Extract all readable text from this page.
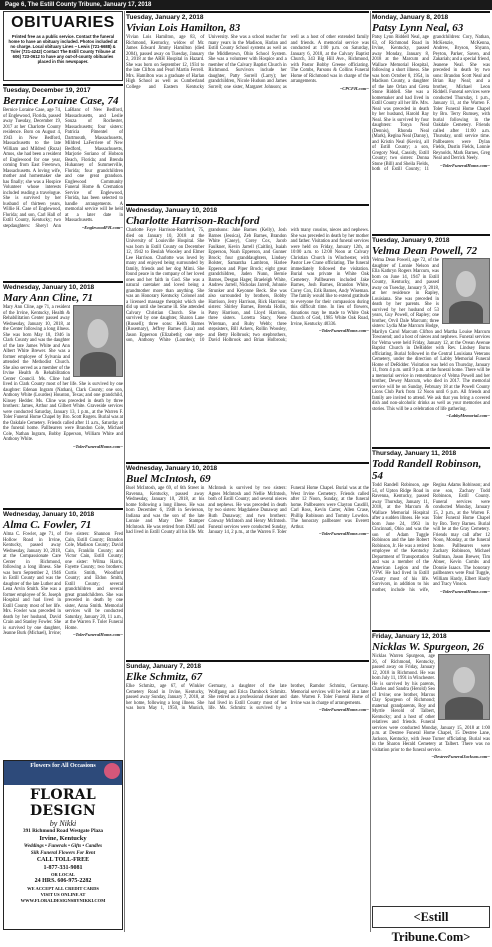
Page 6, The Estill County Tribune, January 17, 2018
OBITUARIES
Printed free as a public service. Contact the funeral home to have an obituary included. Photos included at no charge. Local obituary Lines ~ Lewis (721-6688) & Toler (721-4242) Contact The Estill County Tribune at 606) 723-0612 to have any out-of-county obituaries placed in this newspaper.
Tuesday, December 19, 2017
Bernice Loraine Case, 74
Bernice Loraine Case, age 74, of Englewood, Florida, passed away Tuesday, December 19, 2017 at her Charlotte County residence. Born on August 4, 1943 in New Bedford, Massachusetts to the late William and Mildred (Roza) Amos, she had been a resident of Englewood for one year, coming from East Freetown, Massachusetts. A loving wife, mother and homemaker she has finally; she was a Hospice Volunteer whose interests included reading a travelogue. She is survived by her husband of thirteen years, Willie H. Case of Englewood, Florida; and son, Carl Hall of Estill County, Kentucky; two stepdaughters: Sheryl Ann LaBlanc of New Bedford, Massachusetts, and Leslie Souza of Rochester, Massachusetts; four sisters: Patricia Pimentel of Dartmouth, Massachusetts, Mildred LaFerriere of New Bedford, Massachusetts, Marjorie Soriano of Hobson Beach, Florida; and Brenda Huhanney of Summerville, Florida; four grandchildren and one great grandson. Englewood Community Funeral Home & Cremation Service of Englewood, Florida, has been selected to handle arrangements. A memorial service will be held at a later date in Massachusetts.
~EnglewoodFH.com~
Wednesday, January 10, 2018
Mary Ann Cline, 71
Mary Ann Cline, age 71, a resident of the Irvine, Kentucky, Health & Rehabilitation Center passed away Wednesday, January 10, 2018, at the Center following a long illness. She was born May 10, 1946 in Clark County and was the daughter of the late James White and Ann Albert White Brewer. She was a former employee of Sylvania and attended the Methodist Church. She also served as a member of the Irvine Health & Rehabilitation Center Council. Ms. Cline had lived in Clark County most of her life. She is survived by one daughter: Edenan Ingram (Nathan), Clark County; one son, Anthony White (Lourdes) Houston, Texas; and one grandchild, Kinsey Hedder. Ms. Cline was preceded in death by three brothers: James, Arthur and Gilbert White. Graveside services were conducted Saturday, January 13, 1 p.m., at the Warren F. Toler Funeral Home Chapel by Bro. Scott Rogers. Burial was at the Oakdale Cemetery. Friends called after 11 a.m., Saturday at the funeral home. Pallbearers were Brandon Cole, Michael Cole, Nathan Ingram, Bobby Epperson, William White and Anthony White.
~TolerFuneralHome.com~
Wednesday, January 10, 2018
Alma C. Fowler, 71
Alma C. Fowler, age 71, of Hollow Road in Irvine, Kentucky, passed away Wednesday, January 10, 2018, at the Compassionate Care Center in Richmond, following a long illness. She was born September 2, 1946 in Estill County and was the daughter of the late Luther and Lena Arvin Smith. She was a former employee of St. Joseph Hospital and had lived in Estill County most of her life. Mrs. Fowler was preceded in death by her husband, David Crain and Stanley Fowler. She is survived by one daughter, Jeanne Burk (Michael), Irvine; five sisters: Shannon Fred Cain, Estill County; Brandon Cole, Madison County; David Cain, Franklin County; and Victor Cain, Estill County; one sister: Wilma Harris, Fayette County; two brothers: Curtis Smith, Woodford County; and Eldon Smith, Estill County; several grandchildren and several great grandchildren. She was preceded in death by one sister, Anna Smith. Memorial services will be conducted Saturday, January 20, 11 a.m., at the Warren F. Toler Funeral Home.
~TolerFuneralHome.com~
Flowers for All Occasions
FLORAL DESIGN
by Nikki
391 Richmond Road Westgate Plaza
Irvine, Kentucky
Weddings • Funerals • Gifts • Candles
Silk Funeral Flowers For Rent
CALL TOLL-FREE
1-877-331-9081
OR LOCAL
24 HRS. 606-975-2282
WE ACCEPT ALL CREDIT CARDS
VISIT US ONLINE AT
WWW.FLORALDESIGNSBYNIKKI.COM
Tuesday, January 2, 2018
Vivian Lois Hamilton, 83
Vivian Lois Hamilton, age 83, of Richmond, Kentucky, widow of Mr. James Edward Jimmy Hamilton (died 2004), passed away on Tuesday, January 2, 2018 at the ARH Hospital in Hazard. She was born on September 12, 1934 to the late Clifton and Pearl Martin Ferrell. Mrs. Hamilton was a graduate of Harlan High School as well as Cumberland College and Eastern Kentucky University. She was a school teacher for many years in the Madison, Harlan and Estill County School systems as well as the Middletown, Ohio School System. She was a volunteer with Hospice and a member of the Calvary Baptist Church in Richmond. Survivors include her daughter, Patty Sorrell (Larry); her grandchildren, Nicole Hudson and James Sorrell; one sister, Margaret Johnson; as well as a host of other extended family and friends. A memorial service was conducted at 1:00 p.m. on Saturday, January 6, 2018, at the Calvary Baptist Church, 343 Big Hill Ave., Richmond, with Pastor Bobby Greene officiating. The Combs, Parsons & Collins Funeral Home of Richmond was in charge of the arrangements.
~CPCFH.com~
Wednesday, January 10, 2018
Charlotte Harrison-Rachford
Charlotte Faye Harrison-Rachford, 75, died on January 10, 2018 at the University of Louisville Hospital. She was born in Estill County on December 12, 1942 to Beulah Woosley and Elmer Lee Harrison. Charlotte was loved by many and enjoyed being surrounded by family, friends and her dog Mimi. She found peace in the company of her loved ones and her faith in God. She was a natural caretaker and loved being a grandmother more than anything. She was an Honorary Kentucky Colonel and a licensed massage therapist which she did up until she became ill. She attended Calvary Christian Church. She is survived by one daughter, Sharon Lane (Russell); three sons: Keith Barnes (Rosemary), Jeffrey Barnes (Lisa) and Jason Epperson (Elizabeth); one step-son, Anthony White (Lourdes); 10 grandsons: Jake Barnes (Kelly), Josh Barnes (Jessica), Zeb Barnes, Brandon White (Casey), Corey Cox, Jacob Faulkner, Kevin Jarrell (Caitlin), Isaiah Epperson, Noah Epperson, and Gunner Brock; four granddaughters, Lindsey Bolster, Samantha Lambron, Harlee Epperson and Piper Brock; eight great grandchildren, Jaden Nunn, Bernie Barnes, Desgan Hager, Braeleigh White, Andrew Jarrell, Nickolas Jarrell, Johnnie Strunker and Keyonne Beck. She was also surrounded by brothers, Bobby Harrison, Jerry Harrison, Rick Harrison; sisters: Shirley Barnes, Brenda Hollis, Patsy Harrison, and Lloyd Harrison, three sisters. Loretta Stacy, Nene Wireman, and Ruby Webb; three stepsisters, Bill Ackers, Rollin Woosley, and Betty Holbrook; two stepbrothers, David Holbrook and Brian Holbrook; with many cousins, nieces and nephews. She was preceded in death by her mother and father. Visitation and funeral services were held on Friday, January 12th, at 10:00 a.m. to 12:00 Noon at Calvary Christian Church in Winchester, with Pastor Lee Crane officiating. The funeral immediately followed the visitation. Burial was private in White Oak Cemetery. Pallbearers included Jake Barnes, Josh Barnes, Brandon White, Corey Cox, Erik Barnes, Andy Wiseman. The family would like to extend gratitude to everyone for their compassion during this difficult time. In lieu of flowers, donations may be made to White Oak Church of God, 1985 White Oak Road, Irvine, Kentucky 40336.
~TolerFuneralHome.com~
Wednesday, January 10, 2018
Buel McIntosh, 69
Buel McIntosh, age 69, of 6th Street in Ravenna, Kentucky, passed away Wednesday, January 10, 2018, at his home following a long illness. He was born December 6, 1948 in Sevierson, Indiana and was the son of the late Lonnie and Mary Dee Stamper McIntosh. He was retired from EMU and had lived in Estill County all his life. Mr. McIntosh is survived by two sisters: Agnes McIntosh and Nellie McIntosh, both of Estill County; and several nieces and nephews. He was preceded in death by two sisters: Magdalene Dunaway and Ruth Dunaway; and two brothers: Conway McIntosh and Henry McIntosh. Funeral services were conducted Sunday, January 14, 2 p.m., at the Warren F. Toler Funeral Home Chapel. Burial was at the West Irvine Cemetery. Friends called after 12 Noon, Sunday, at the funeral home. Pallbearers were Clayton Caudill, Carl Ross, Kevin Carter, Allen Crase, Phillip Robinson and Tommy Lowdon. The honorary pallbearer was Everett Arthur.
~TolerFuneralHome.com~
Sunday, January 7, 2018
Elke Schmitz, 67
Elke Schmitz, age 67, of Winkler Cemetery Road in Irvine, Kentucky, passed away Sunday, January 7, 2018, at her home, following a long illness. She was born May 1, 1950, in Munich, Germany, a daughter of the late Wolfgang and Erica Dambock Schmitz. She retired as a professional cleaner and had lived in Estill County most of her life. Ms. Schmitz is survived by a brother, Ramdor Schmitz, Germany. Memorial services will be held at a later date. Warren F. Toler Funeral Home of Irvine was in charge of arrangements.
~TolerFuneralHome.com~
Monday, January 8, 2018
Patsy Lynn Neal, 63
Patsy Lynn Riddell Neal, age 63, of Richmond Road in Irvine, Kentucky, passed away Monday, January 8, 2018 at the Marcum and Wallace Memorial Hospital, following a short illness. She was born October 8, 1954, in Madison County, a daughter of the late Orlan and Greta Stone Riddell. She was a homemaker and had lived in Estill County all her life. Mrs. Neal was preceded in death by her husband, Harold Ray Neal. She is survived by four daughters: Tonya Neal (Dennis), Rhonda Neal (Mark), Regina Neal (Danny), and Kristin Neal (Kevin), all of Estill County; a son, Gregory Neal, Cassidy, Estill County; two sisters: Donna Stone (Bill) and Sheila Fields, both of Estill County; 11 grandchildren: Cory, Nathan, McKenzie, McKenna, Andrew, Bryson, Shyann, Peyton, Parker, Saven, and Zakariah; and a special friend, Jeanene Neal. She was preceded in death by two sons: Brandon Scott Neal and Brian Ray Neal; and a brother, Michael Leon Riddell. Funeral services were conducted Thursday, 1 p.m., January 11, at the Warren F. Toler Funeral Home Chapel by Bro. Terry Rumsey, with burial following in the Oakdale Cemetery. Friends called after 11:00 a.m. Thursday, until service time. Pallbearers were Dylan Fields, Dustin Fields, Lonnie Reynolds, Mark Barnes, Greg Neal and Derrick Neely.
~TolerFuneralHome.com~
Tuesday, January 9, 2018
Velma Dean Powell, 72
Velma Dean Powell, age 72, of the daughter of Lonnie Nelson and Ella Kathryn Rogers Marcum, was born on June 14, 1947 in Estill County, Kentucky, and passed away on Tuesday, January 9, 2018, at her residence in Rapley, Louisiana. She was preceded in death by her parents. She is survived by her husband of 53 years, Guy Powell, of Rapley; one brother, Orvil Dale Marcum; three sisters: Lydia Mae Marcum Hodge, Marilyn Carol Marcum Clifton and Martha Louise Marcum Townsend; and a host of nieces and nephews. Funeral services for Velma were held Friday, January 12, at the Ovean Avenue Baptist Church in DeRidder with Rev. Lindsey Burns officiating. Burial followed in the Central Louisiana Veterans Cemetery, under the direction of Labby Memorial Funeral Home of DeRidder. Visitation was held on Thursday, January 11, from 4 p.m. until 9 p.m. at the funeral home. There will be a memorial service in remembrance of Velma Powell and her brother, Dewey Marcum, who died in 2017. The memorial service will be on Sunday, February 18 at the Powell County Lions Club Park from 12 Noon until 6 p.m. All friends and family are invited to attend. We ask that you bring a covered dish and non-alcoholic drinks as well as your memories and stories. This will be a celebration of life gathering.
~LabbyMemorial.com~
Thursday, January 11, 2018
Todd Randell Robinson, 54
Todd Randell Robinson, age 54, of Upton Ridge Road in Ravenna, Kentucky, passed away Thursday, January 11, 2018, at the Marcum & Wallace Memorial Hospital after a sudden illness. He was born June 24, 1963 in Cincinnati, Ohio and was the son of Adam Tuggle Robinson and the late Robert Robinson, Jr. He was a retired employee of the Kentucky Department of Transportation and was a member of the American Legion and the VFW. He had lived in Estill County most of his life. Survivors, in addition to his mother, include his wife, Regina Adams Robinson; and one son, Zachary Todd Robinson, Estill County. Funeral services were conducted Monday, January 15, 2 p.m., at the Warren F. Toler Funeral Home Chapel by Bro. Terry Barnes. Burial will be at the Gray Cemetery. Friends may call after 12 Noon, Monday, at the funeral home. Pallbearers were Zachary Robinson, Michael Stallman, Jason Brewer, Tim Abner, Kevin Combs and Donnie Isaacs. The honorary pallbearers were Paul Tuggle, William Hardy, Elbert Hardy and Tracy Vinson.
~TolerFuneralHome.com~
Friday, January 12, 2018
Nicklas W. Spurgeon, 26
Nicklas Warren Spurgeon, age 26, of Richmond, Kentucky, passed away on Friday, January 12, 2018 in Richmond. He was born July 11, 1991 in Winchester. He is survived by his parents, Charles and Sandra (Herold) Seo of Irvine; one brother, Marcus Clay Spurgeon of Richmond; maternal grandparents, Roy and Myrtle Herold of Talbert, Kentucky; and a host of other relatives and friends. Funeral services were conducted Monday, January 15, 2018 at 1:00 p.m. at Destree Funeral Home Chapel, 15 Destree Lane, Jackson, Kentucky, with Jesse Turner officiating. Burial was in the Sharon Herald Cemetery at Talbert. There was no visitation prior to the funeral service.
~DestreeFuneralJackson.com~
<Estill Tribune.Com>
